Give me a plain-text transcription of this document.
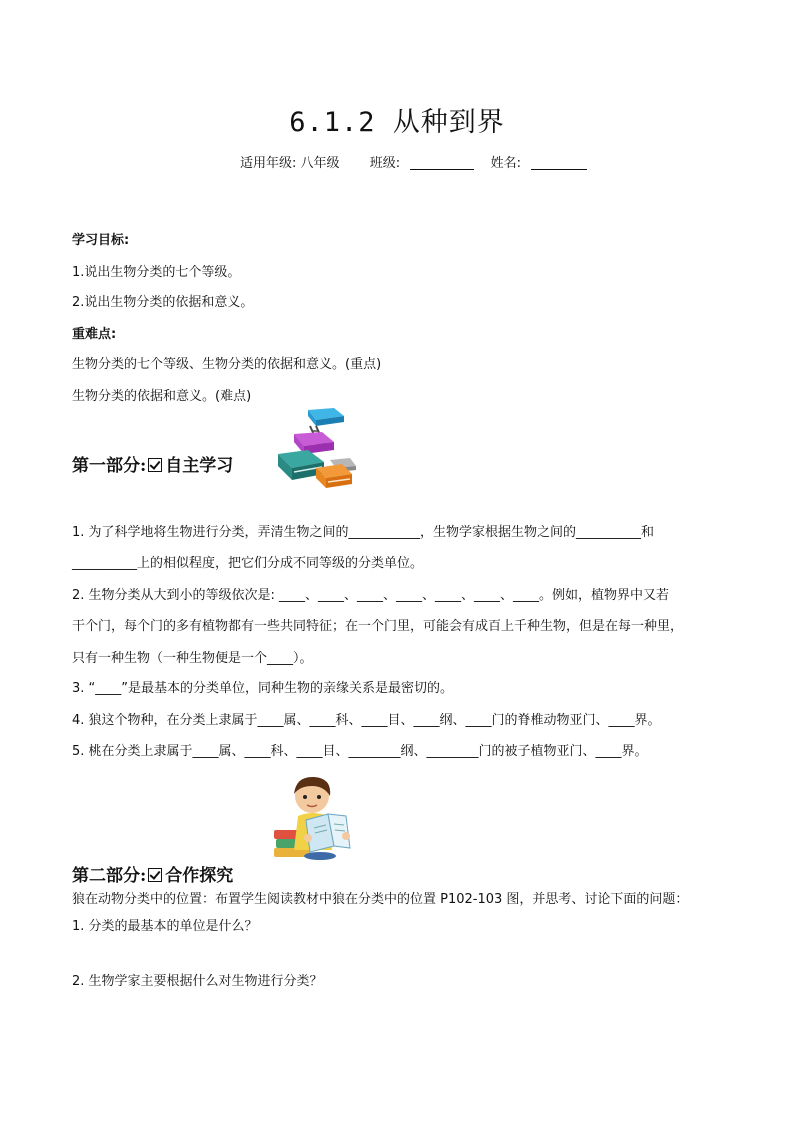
6.1.2 从种到界
适用年级: 八年级 班级:	姓名:
学习目标:
1.说出生物分类的七个等级。
2.说出生物分类的依据和意义。
重难点:
生物分类的七个等级、生物分类的依据和意义。(重点)
生物分类的依据和意义。(难点)
第一部分: 自主学习
1. 为了科学地将生物进行分类，弄清生物之间的___________，生物学家根据生物之间的__________和
__________上的相似程度，把它们分成不同等级的分类单位。
2. 生物分类从大到小的等级依次是: ____、____、____、____、____、____、____。例如，植物界中又若
干个门，每个门的多有植物都有一些共同特征；在一个门里，可能会有成百上千种生物，但是在每一种里，
只有一种生物（一种生物便是一个____）。
3. “____”是最基本的分类单位，同种生物的亲缘关系是最密切的。
4. 狼这个物种，在分类上隶属于____属、____科、____目、____纲、____门的脊椎动物亚门、____界。
5. 桃在分类上隶属于____属、____科、____目、________纲、________门的被子植物亚门、____界。
第二部分: 合作探究
狼在动物分类中的位置：布置学生阅读教材中狼在分类中的位置 P102-103 图，并思考、讨论下面的问题：
1. 分类的最基本的单位是什么？
2. 生物学家主要根据什么对生物进行分类？
